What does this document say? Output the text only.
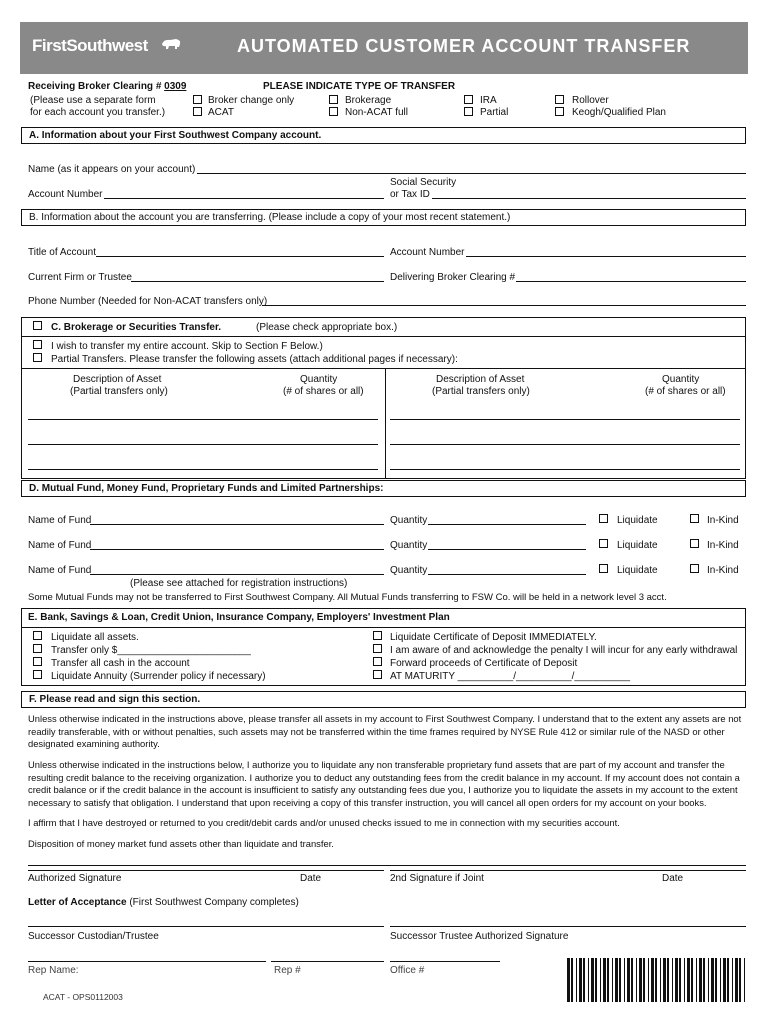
FirstSouthwest	AUTOMATED CUSTOMER ACCOUNT TRANSFER
Receiving Broker Clearing # 0309
(Please use a separate form
for each account you transfer.)
PLEASE INDICATE TYPE OF TRANSFER
Broker change only
ACAT
Brokerage
Non-ACAT full
IRA
Partial
Rollover
Keogh/Qualified Plan
A. Information about your First Southwest Company account.
Name (as it appears on your account)
Account Number
Social Security
or Tax ID
B. Information about the account you are transferring. (Please include a copy of your most recent statement.)
Title of Account	Account Number
Current Firm or Trustee	Delivering Broker Clearing #
Phone Number (Needed for Non-ACAT transfers only)
C. Brokerage or Securities Transfer.	(Please check appropriate box.)
I wish to transfer my entire account. Skip to Section F Below.)
Partial Transfers. Please transfer the following assets (attach additional pages if necessary):
Description of Asset
(Partial transfers only)
Quantity
(# of shares or all)
Description of Asset
(Partial transfers only)
Quantity
(# of shares or all)
D. Mutual Fund, Money Fund, Proprietary Funds and Limited Partnerships:
Name of Fund	Quantity	Liquidate	In-Kind
Name of Fund	Quantity	Liquidate	In-Kind
Name of Fund	Quantity	Liquidate	In-Kind
(Please see attached for registration instructions)
Some Mutual Funds may not be transferred to First Southwest Company. All Mutual Funds transferring to FSW Co. will be held in a network level 3 acct.
E. Bank, Savings & Loan, Credit Union, Insurance Company, Employers' Investment Plan
Liquidate all assets.
Transfer only $________________________
Transfer all cash in the account
Liquidate Annuity (Surrender policy if necessary)
Liquidate Certificate of Deposit IMMEDIATELY.
I am aware of and acknowledge the penalty I will incur for any early withdrawal
Forward proceeds of Certificate of Deposit
AT MATURITY __________/__________/__________
F. Please read and sign this section.
Unless otherwise indicated in the instructions above, please transfer all assets in my account to First Southwest Company. I understand that to the extent any assets are not readily transferable, with or without penalties, such assets may not be transferred within the time frames required by NYSE Rule 412 or similar rule of the NASD or other designated examining authority.
Unless otherwise indicated in the instructions below, I authorize you to liquidate any non transferable proprietary fund assets that are part of my account and transfer the resulting credit balance to the receiving organization. I authorize you to deduct any outstanding fees from the credit balance in my account. If my account does not contain a credit balance or if the credit balance in the account is insufficient to satisfy any outstanding fees due you, I authorize you to liquidate the assets in my account to the extent necessary to satisfy that obligation. I understand that upon receiving a copy of this transfer instruction, you will cancel all open orders for my account on your books.
I affirm that I have destroyed or returned to you credit/debit cards and/or unused checks issued to me in connection with my securities account.
Disposition of money market fund assets other than liquidate and transfer.
Authorized Signature	Date	2nd Signature if Joint	Date
Letter of Acceptance (First Southwest Company completes)
Successor Custodian/Trustee	Successor Trustee Authorized Signature
Rep Name:	Rep #	Office #
ACAT - OPS0112003
